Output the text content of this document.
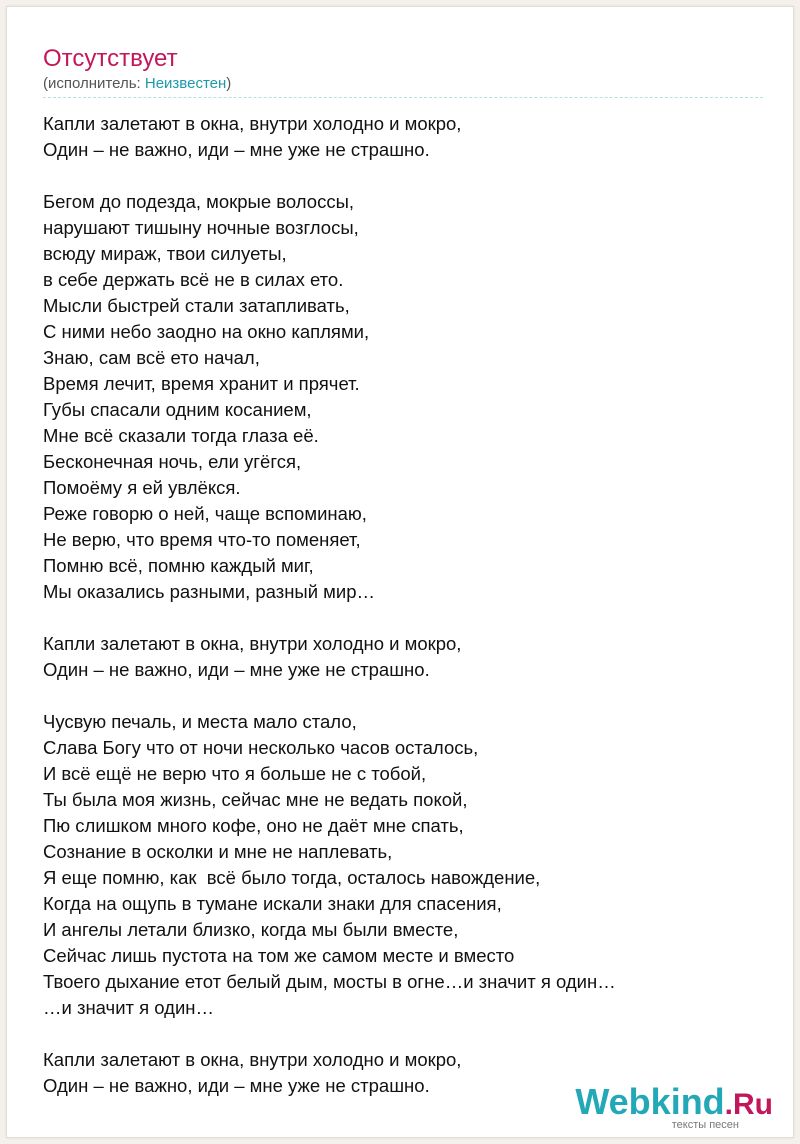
Отсутствует
(исполнитель: Неизвестен)
Капли залетают в окна, внутри холодно и мокро,
Один – не важно, иди – мне уже не страшно.
Бегом до подезда, мокрые волоссы,
нарушают тишыну ночные возглосы,
всюду мираж, твои силуеты,
в себе держать всё не в силах ето.
Мысли быстрей стали затапливать,
С ними небо заодно на окно каплями,
Знаю, сам всё ето начал,
Время лечит, время хранит и прячет.
Губы спасали одним косанием,
Мне всё сказали тогда глаза её.
Бесконечная ночь, ели угёгся,
Помоёму я ей увлёкся.
Реже говорю о ней, чаще вспоминаю,
Не верю, что время что-то поменяет,
Помню всё, помню каждый миг,
Мы оказались разными, разный мир…
Капли залетают в окна, внутри холодно и мокро,
Один – не важно, иди – мне уже не страшно.
Чусвую печаль, и места мало стало,
Слава Богу что от ночи несколько часов осталось,
И всё ещё не верю что я больше не с тобой,
Ты была моя жизнь, сейчас мне не ведать покой,
Пю слишком много кофе, оно не даёт мне спать,
Сознание в осколки и мне не наплевать,
Я еще помню, как  всё было тогда, осталось навождение,
Когда на ощупь в тумане искали знаки для спасения,
И ангелы летали близко, когда мы были вместе,
Сейчас лишь пустота на том же самом месте и вместо
Твоего дыхание етот белый дым, мосты в огне…и значит я один…
…и значит я один…
Капли залетают в окна, внутри холодно и мокро,
Один – не важно, иди – мне уже не страшно.	Webkind.Ru
тексты песен
